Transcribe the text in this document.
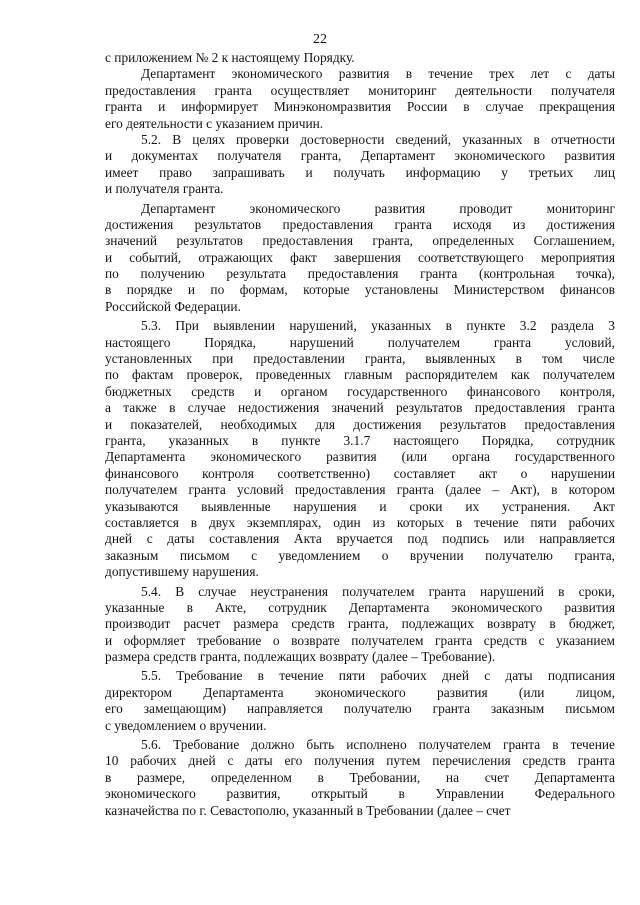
22
с приложением № 2 к настоящему Порядку.
Департамент экономического развития в течение трех лет с даты
предоставления гранта осуществляет мониторинг деятельности получателя
гранта и информирует Минэкономразвития России в случае прекращения
его деятельности с указанием причин.
5.2. В целях проверки достоверности сведений, указанных в отчетности
и документах получателя гранта, Департамент экономического развития
имеет право запрашивать и получать информацию у третьих лиц
и получателя гранта.
Департамент экономического развития проводит мониторинг
достижения результатов предоставления гранта исходя из достижения
значений результатов предоставления гранта, определенных Соглашением,
и событий, отражающих факт завершения соответствующего мероприятия
по получению результата предоставления гранта (контрольная точка),
в порядке и по формам, которые установлены Министерством финансов
Российской Федерации.
5.3. При выявлении нарушений, указанных в пункте 3.2 раздела 3
настоящего Порядка, нарушений получателем гранта условий,
установленных при предоставлении гранта, выявленных в том числе
по фактам проверок, проведенных главным распорядителем как получателем
бюджетных средств и органом государственного финансового контроля,
а также в случае недостижения значений результатов предоставления гранта
и показателей, необходимых для достижения результатов предоставления
гранта, указанных в пункте 3.1.7 настоящего Порядка, сотрудник
Департамента экономического развития (или органа государственного
финансового контроля соответственно) составляет акт о нарушении
получателем гранта условий предоставления гранта (далее – Акт), в котором
указываются выявленные нарушения и сроки их устранения. Акт
составляется в двух экземплярах, один из которых в течение пяти рабочих
дней с даты составления Акта вручается под подпись или направляется
заказным письмом с уведомлением о вручении получателю гранта,
допустившему нарушения.
5.4. В случае неустранения получателем гранта нарушений в сроки,
указанные в Акте, сотрудник Департамента экономического развития
производит расчет размера средств гранта, подлежащих возврату в бюджет,
и оформляет требование о возврате получателем гранта средств с указанием
размера средств гранта, подлежащих возврату (далее – Требование).
5.5. Требование в течение пяти рабочих дней с даты подписания
директором Департамента экономического развития (или лицом,
его замещающим) направляется получателю гранта заказным письмом
с уведомлением о вручении.
5.6. Требование должно быть исполнено получателем гранта в течение
10 рабочих дней с даты его получения путем перечисления средств гранта
в размере, определенном в Требовании, на счет Департамента
экономического развития, открытый в Управлении Федерального
казначейства по г. Севастополю, указанный в Требовании (далее – счет
